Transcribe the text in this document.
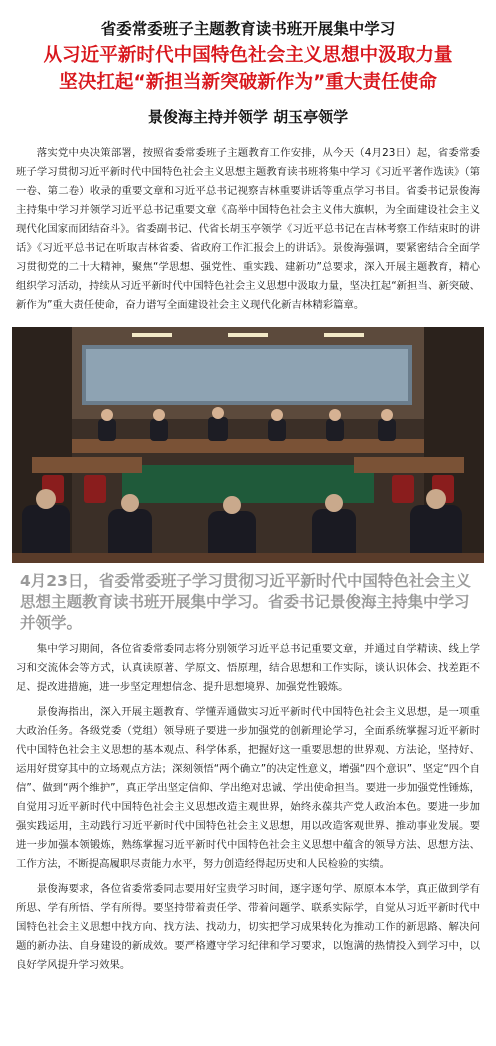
省委常委班子主题教育读书班开展集中学习
从习近平新时代中国特色社会主义思想中汲取力量
坚决扛起“新担当新突破新作为”重大责任使命
景俊海主持并领学 胡玉亭领学

落实党中央决策部署，按照省委常委班子主题教育工作安排，从今天（4月23日）起，省委常委班子学习贯彻习近平新时代中国特色社会主义思想主题教育读书班将集中学习《习近平著作选读》（第一卷、第二卷）收录的重要文章和习近平总书记视察吉林重要讲话等重点学习书目。省委书记景俊海主持集中学习并领学习近平总书记重要文章《高举中国特色社会主义伟大旗帜，为全面建设社会主义现代化国家而团结奋斗》。省委副书记、代省长胡玉亭领学《习近平总书记在吉林考察工作结束时的讲话》《习近平总书记在听取吉林省委、省政府工作汇报会上的讲话》。景俊海强调，要紧密结合全面学习贯彻党的二十大精神，聚焦“学思想、强党性、重实践、建新功”总要求，深入开展主题教育，精心组织学习活动，持续从习近平新时代中国特色社会主义思想中汲取力量，坚决扛起“新担当、新突破、新作为”重大责任使命，奋力谱写全面建设社会主义现代化新吉林精彩篇章。

4月23日，省委常委班子学习贯彻习近平新时代中国特色社会主义思想主题教育读书班开展集中学习。省委书记景俊海主持集中学习并领学。

集中学习期间，各位省委常委同志将分别领学习近平总书记重要文章，并通过自学精读、线上学习和交流体会等方式，认真读原著、学原文、悟原理，结合思想和工作实际，谈认识体会、找差距不足、提改进措施，进一步坚定理想信念、提升思想境界、加强党性锻炼。

景俊海指出，深入开展主题教育、学懂弄通做实习近平新时代中国特色社会主义思想，是一项重大政治任务。各级党委（党组）领导班子要进一步加强党的创新理论学习，全面系统掌握习近平新时代中国特色社会主义思想的基本观点、科学体系，把握好这一重要思想的世界观、方法论，坚持好、运用好贯穿其中的立场观点方法；深刻领悟“两个确立”的决定性意义，增强“四个意识”、坚定“四个自信”、做到“两个维护”，真正学出坚定信仰、学出绝对忠诚、学出使命担当。要进一步加强党性锤炼，自觉用习近平新时代中国特色社会主义思想改造主观世界，始终永葆共产党人政治本色。要进一步加强实践运用，主动践行习近平新时代中国特色社会主义思想，用以改造客观世界、推动事业发展。要进一步加强本领锻炼，熟练掌握习近平新时代中国特色社会主义思想中蕴含的领导方法、思想方法、工作方法，不断提高履职尽责能力水平，努力创造经得起历史和人民检验的实绩。

景俊海要求，各位省委常委同志要用好宝贵学习时间，逐字逐句学、原原本本学，真正做到学有所思、学有所悟、学有所得。要坚持带着责任学、带着问题学、联系实际学，自觉从习近平新时代中国特色社会主义思想中找方向、找方法、找动力，切实把学习成果转化为推动工作的新思路、解决问题的新办法、自身建设的新成效。要严格遵守学习纪律和学习要求，以饱满的热情投入到学习中，以良好学风提升学习效果。
